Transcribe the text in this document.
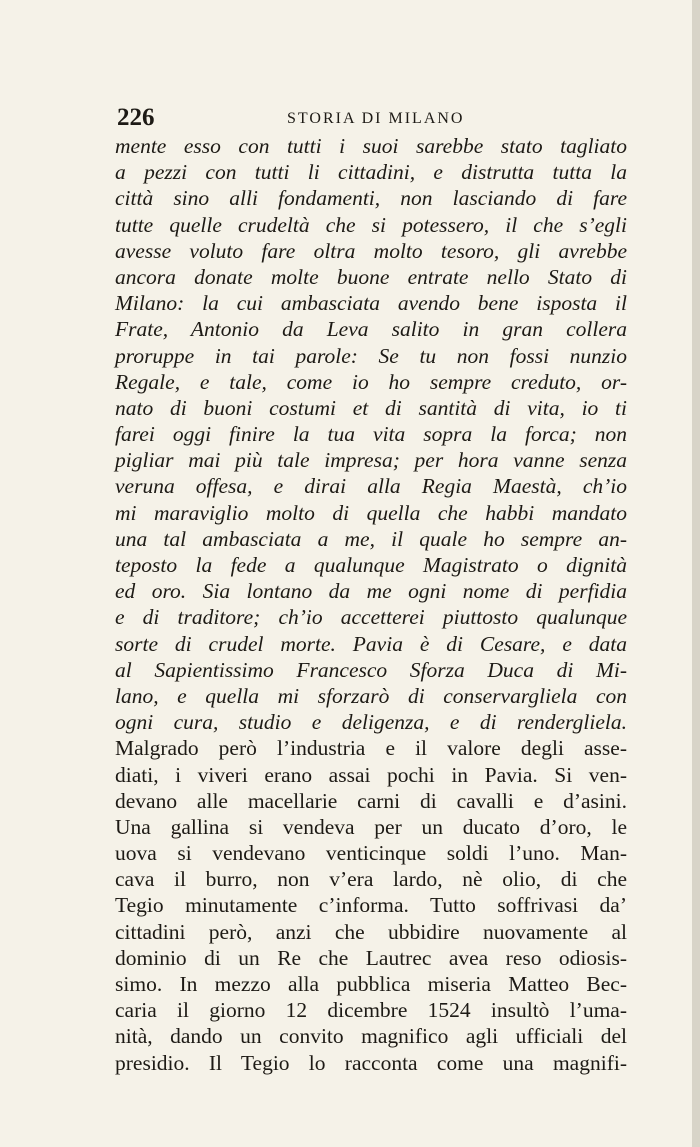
226	STORIA DI MILANO
mente esso con tutti i suoi sarebbe stato tagliato
a pezzi con tutti li cittadini, e distrutta tutta la
città sino alli fondamenti, non lasciando di fare
tutte quelle crudeltà che si potessero, il che s’egli
avesse voluto fare oltra molto tesoro, gli avrebbe
ancora donate molte buone entrate nello Stato di
Milano: la cui ambasciata avendo bene isposta il
Frate, Antonio da Leva salito in gran collera
proruppe in tai parole: Se tu non fossi nunzio
Regale, e tale, come io ho sempre creduto, or-
nato di buoni costumi et di santità di vita, io ti
farei oggi finire la tua vita sopra la forca; non
pigliar mai più tale impresa; per hora vanne senza
veruna offesa, e dirai alla Regia Maestà, ch’io
mi maraviglio molto di quella che habbi mandato
una tal ambasciata a me, il quale ho sempre an-
teposto la fede a qualunque Magistrato o dignità
ed oro. Sia lontano da me ogni nome di perfidia
e di traditore; ch’io accetterei piuttosto qualunque
sorte di crudel morte. Pavia è di Cesare, e data
al Sapientissimo Francesco Sforza Duca di Mi-
lano, e quella mi sforzarò di conservargliela con
ogni cura, studio e deligenza, e di rendergliela.
Malgrado però l’industria e il valore degli asse-
diati, i viveri erano assai pochi in Pavia. Si ven-
devano alle macellarie carni di cavalli e d’asini.
Una gallina si vendeva per un ducato d’oro, le
uova si vendevano venticinque soldi l’uno. Man-
cava il burro, non v’era lardo, nè olio, di che
Tegio minutamente c’informa. Tutto soffrivasi da’
cittadini però, anzi che ubbidire nuovamente al
dominio di un Re che Lautrec avea reso odiosis-
simo. In mezzo alla pubblica miseria Matteo Bec-
caria il giorno 12 dicembre 1524 insultò l’uma-
nità, dando un convito magnifico agli ufficiali del
presidio. Il Tegio lo racconta come una magnifi-
